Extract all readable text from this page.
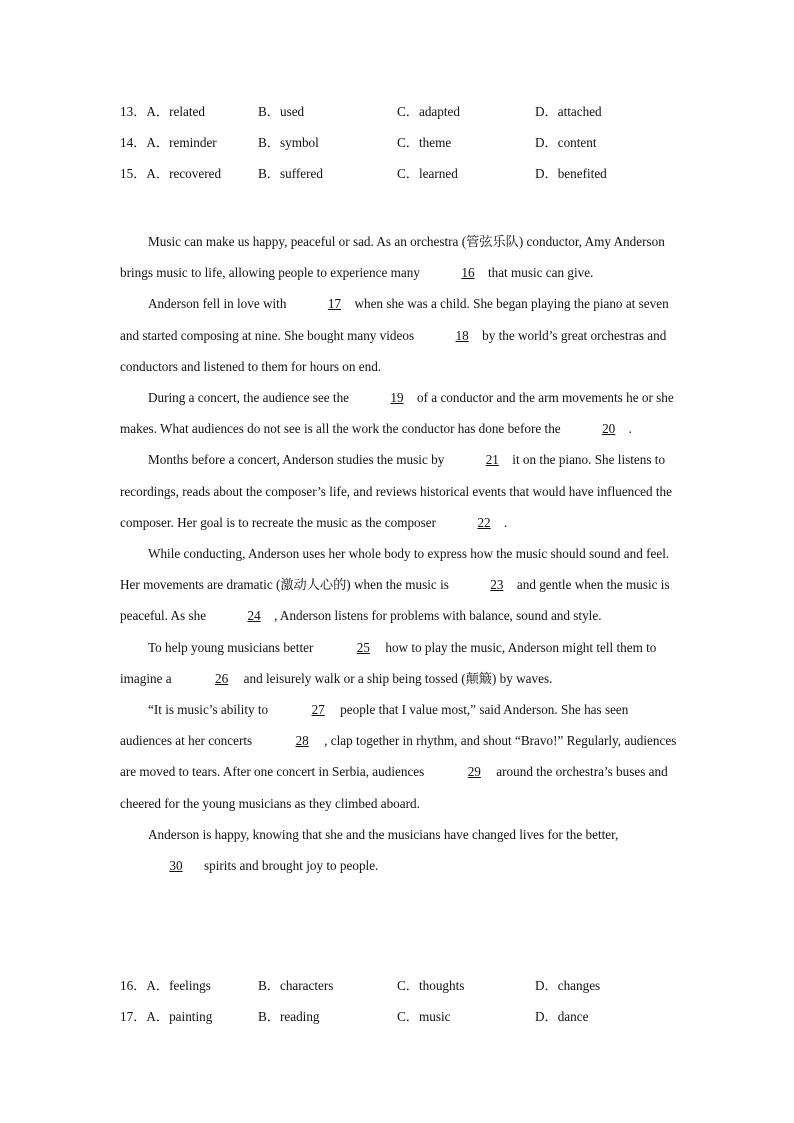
13．A．related	B．used	C．adapted	D．attached
14．A．reminder	B．symbol	C．theme	D．content
15．A．recovered	B．suffered	C．learned	D．benefited

Music can make us happy, peaceful or sad. As an orchestra (管弦乐队) conductor, Amy Anderson brings music to life, allowing people to experience many	16 that music can give.

Anderson fell in love with	17 when she was a child. She began playing the piano at seven and started composing at nine. She bought many videos	18 by the world’s great orchestras and conductors and listened to them for hours on end.

During a concert, the audience see the	19 of a conductor and the arm movements he or she makes. What audiences do not see is all the work the conductor has done before the	20 .

Months before a concert, Anderson studies the music by	21 it on the piano. She listens to recordings, reads about the composer’s life, and reviews historical events that would have influenced the composer. Her goal is to recreate the music as the composer	22 .

While conducting, Anderson uses her whole body to express how the music should sound and feel. Her movements are dramatic (激动人心的) when the music is	23 and gentle when the music is peaceful. As she	24 , Anderson listens for problems with balance, sound and style.

To help young musicians better	25 how to play the music, Anderson might tell them to imagine a	26 and leisurely walk or a ship being tossed (颠簸) by waves.

“It is music’s ability to	27 people that I value most,” said Anderson. She has seen audiences at her concerts	28 , clap together in rhythm, and shout “Bravo!” Regularly, audiences are moved to tears. After one concert in Serbia, audiences	29 around the orchestra’s buses and cheered for the young musicians as they climbed aboard.

Anderson is happy, knowing that she and the musicians have changed lives for the better,30 spirits and brought joy to people.

16．A．feelings	B．characters	C．thoughts	D．changes
17．A．painting	B．reading	C．music	D．dance
